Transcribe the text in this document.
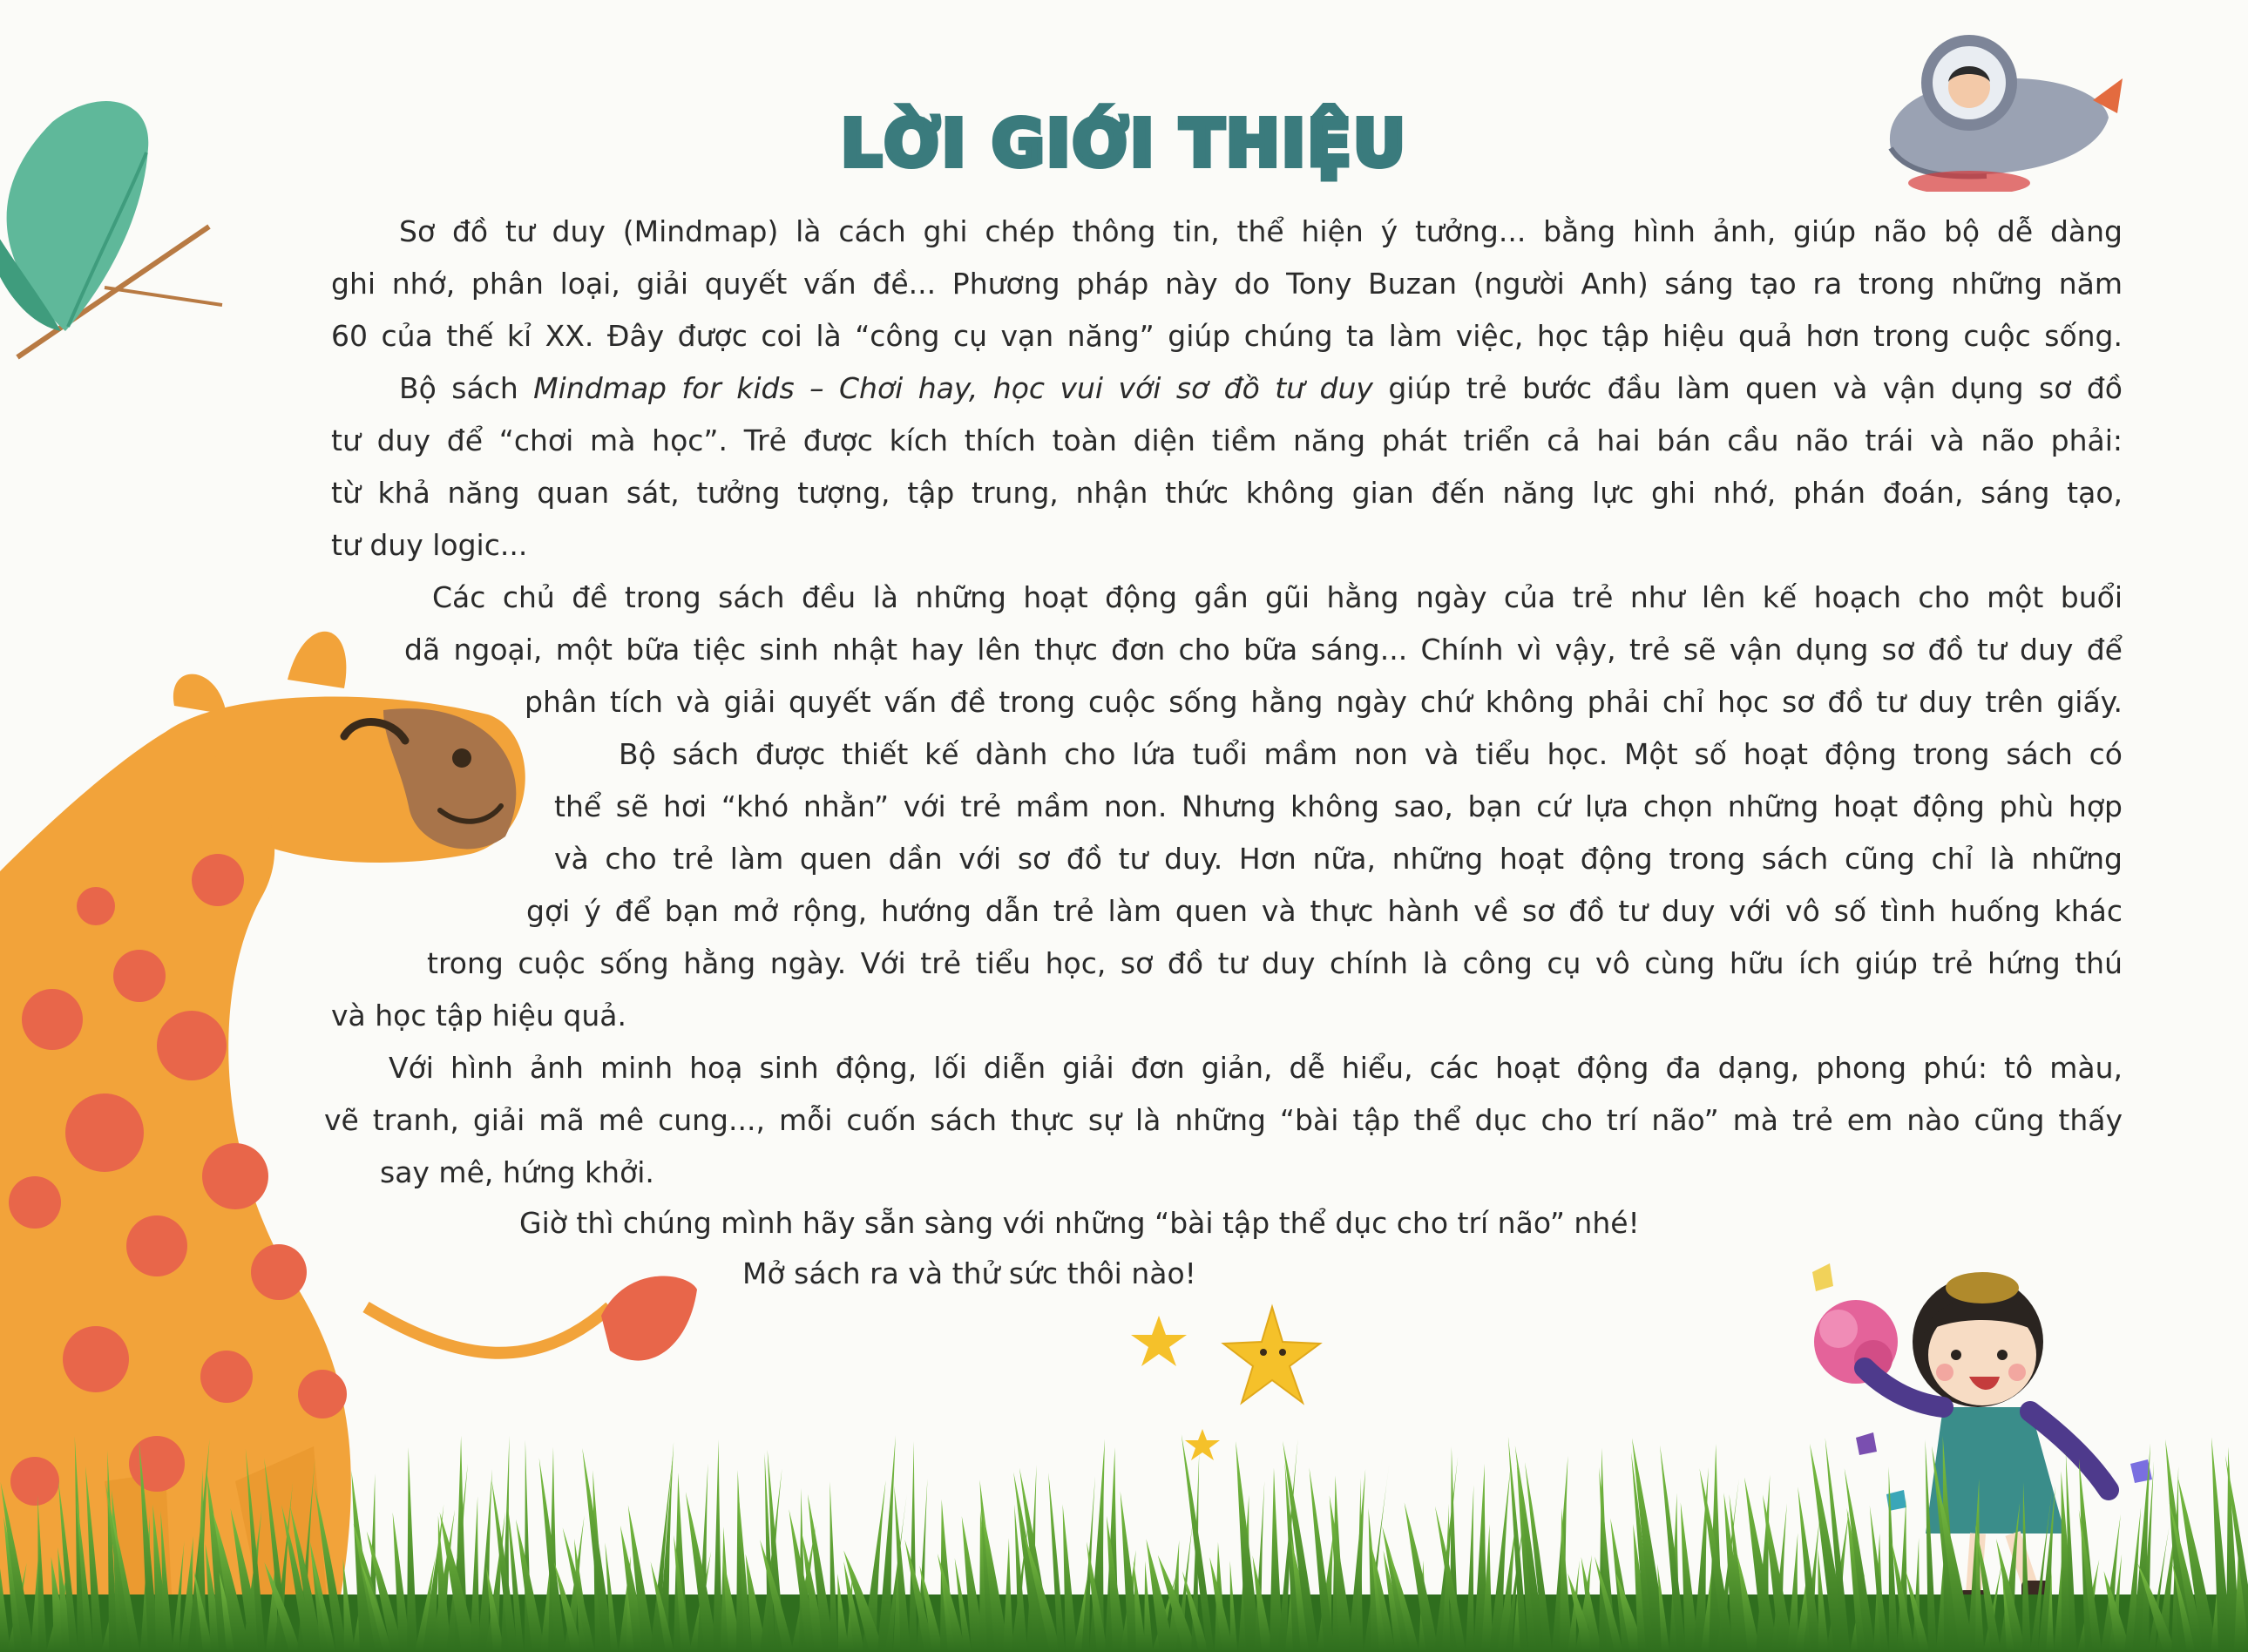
LỜI GIỚI THIỆU
Sơ đồ tư duy (Mindmap) là cách ghi chép thông tin, thể hiện ý tưởng... bằng hình ảnh, giúp não bộ dễ dàng
ghi nhớ, phân loại, giải quyết vấn đề... Phương pháp này do Tony Buzan (người Anh) sáng tạo ra trong những năm
60 của thế kỉ XX. Đây được coi là “công cụ vạn năng” giúp chúng ta làm việc, học tập hiệu quả hơn trong cuộc sống.
Bộ sách Mindmap for kids – Chơi hay, học vui với sơ đồ tư duy giúp trẻ bước đầu làm quen và vận dụng sơ đồ
tư duy để “chơi mà học”. Trẻ được kích thích toàn diện tiềm năng phát triển cả hai bán cầu não trái và não phải:
từ khả năng quan sát, tưởng tượng, tập trung, nhận thức không gian đến năng lực ghi nhớ, phán đoán, sáng tạo,
tư duy logic...
Các chủ đề trong sách đều là những hoạt động gần gũi hằng ngày của trẻ như lên kế hoạch cho một buổi
dã ngoại, một bữa tiệc sinh nhật hay lên thực đơn cho bữa sáng... Chính vì vậy, trẻ sẽ vận dụng sơ đồ tư duy để
phân tích và giải quyết vấn đề trong cuộc sống hằng ngày chứ không phải chỉ học sơ đồ tư duy trên giấy.
Bộ sách được thiết kế dành cho lứa tuổi mầm non và tiểu học. Một số hoạt động trong sách có
thể sẽ hơi “khó nhằn” với trẻ mầm non. Nhưng không sao, bạn cứ lựa chọn những hoạt động phù hợp
và cho trẻ làm quen dần với sơ đồ tư duy. Hơn nữa, những hoạt động trong sách cũng chỉ là những
gợi ý để bạn mở rộng, hướng dẫn trẻ làm quen và thực hành về sơ đồ tư duy với vô số tình huống khác
trong cuộc sống hằng ngày. Với trẻ tiểu học, sơ đồ tư duy chính là công cụ vô cùng hữu ích giúp trẻ hứng thú
và học tập hiệu quả.
Với hình ảnh minh hoạ sinh động, lối diễn giải đơn giản, dễ hiểu, các hoạt động đa dạng, phong phú: tô màu,
vẽ tranh, giải mã mê cung..., mỗi cuốn sách thực sự là những “bài tập thể dục cho trí não” mà trẻ em nào cũng thấy
say mê, hứng khởi.
Giờ thì chúng mình hãy sẵn sàng với những “bài tập thể dục cho trí não” nhé!
Mở sách ra và thử sức thôi nào!
